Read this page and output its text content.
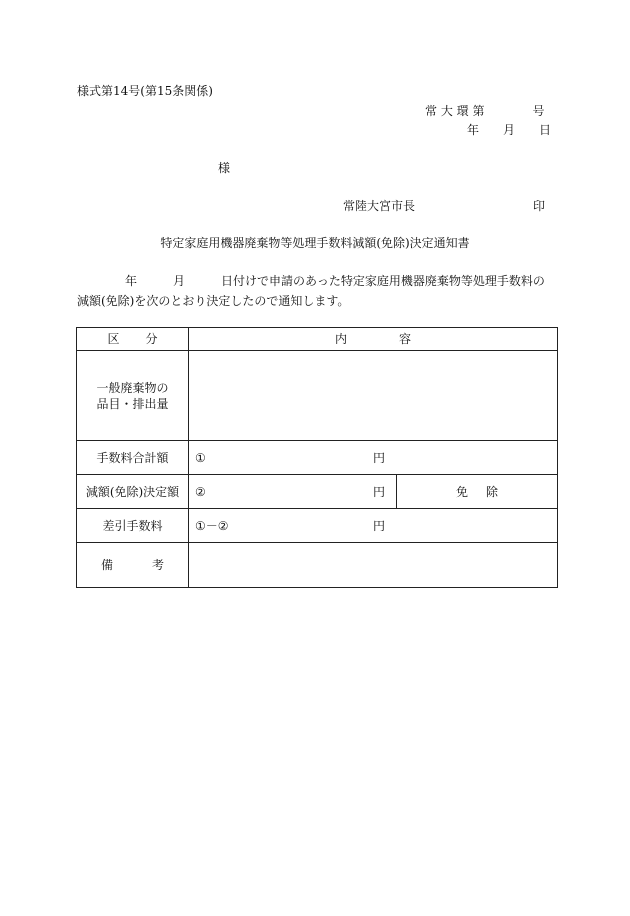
様式第14号(第15条関係)
常 大 環 第　　　　号
年　　月　　日
様
常陸大宮市長	印
特定家庭用機器廃棄物等処理手数料減額(免除)決定通知書
　　　　年　　　月　　　日付けで申請のあった特定家庭用機器廃棄物等処理手数料の
減額(免除)を次のとおり決定したので通知します。
区 分	内 容	

一般廃棄物の
品目・排出量		

手数料合計額	① 円	

減額(免除)決定額	② 円	免 除

差引手数料	①－② 円	

備 考		
